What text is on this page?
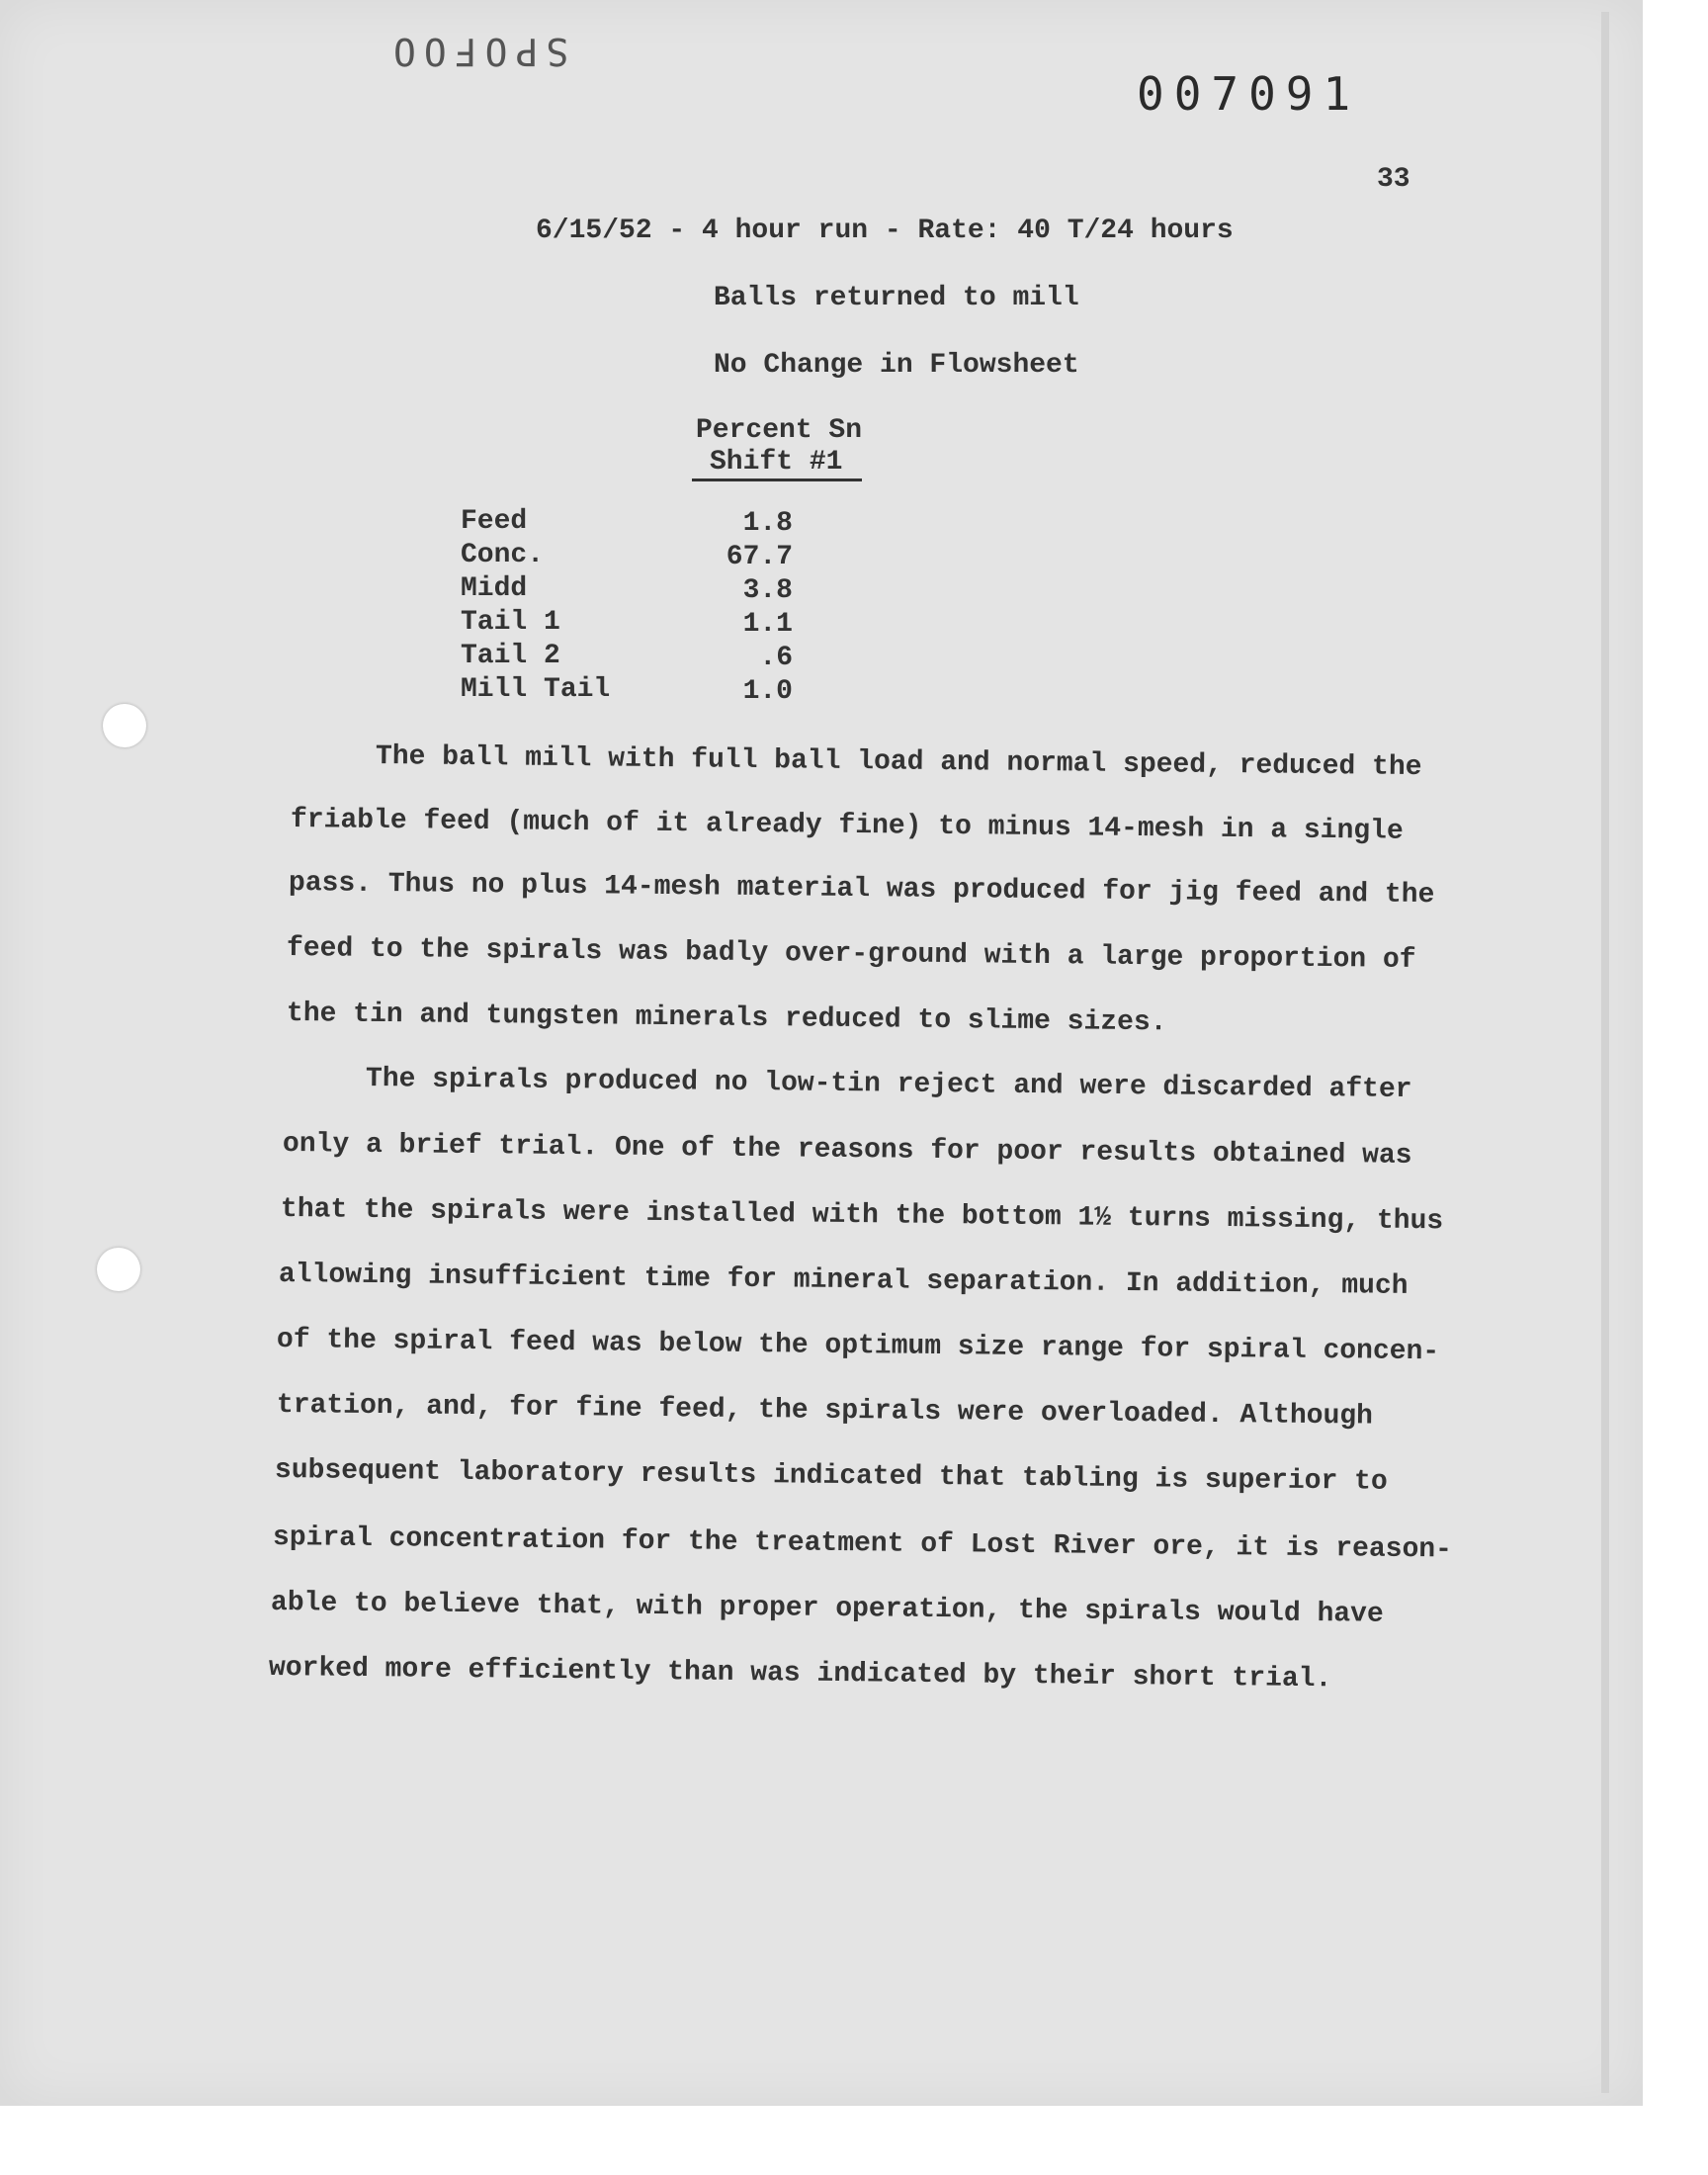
SPOFOO
007091
33
6/15/52 - 4 hour run - Rate: 40 T/24 hours
Balls returned to mill
No Change in Flowsheet
Percent Sn
Shift #1
Feed	1.8
Conc.	67.7
Midd	3.8
Tail 1	1.1
Tail 2	.6
Mill Tail	1.0
The ball mill with full ball load and normal speed, reduced the
friable feed (much of it already fine) to minus 14-mesh in a single
pass. Thus no plus 14-mesh material was produced for jig feed and the
feed to the spirals was badly over-ground with a large proportion of
the tin and tungsten minerals reduced to slime sizes.
The spirals produced no low-tin reject and were discarded after
only a brief trial. One of the reasons for poor results obtained was
that the spirals were installed with the bottom 1½ turns missing, thus
allowing insufficient time for mineral separation. In addition, much
of the spiral feed was below the optimum size range for spiral concen-
tration, and, for fine feed, the spirals were overloaded. Although
subsequent laboratory results indicated that tabling is superior to
spiral concentration for the treatment of Lost River ore, it is reason-
able to believe that, with proper operation, the spirals would have
worked more efficiently than was indicated by their short trial.
